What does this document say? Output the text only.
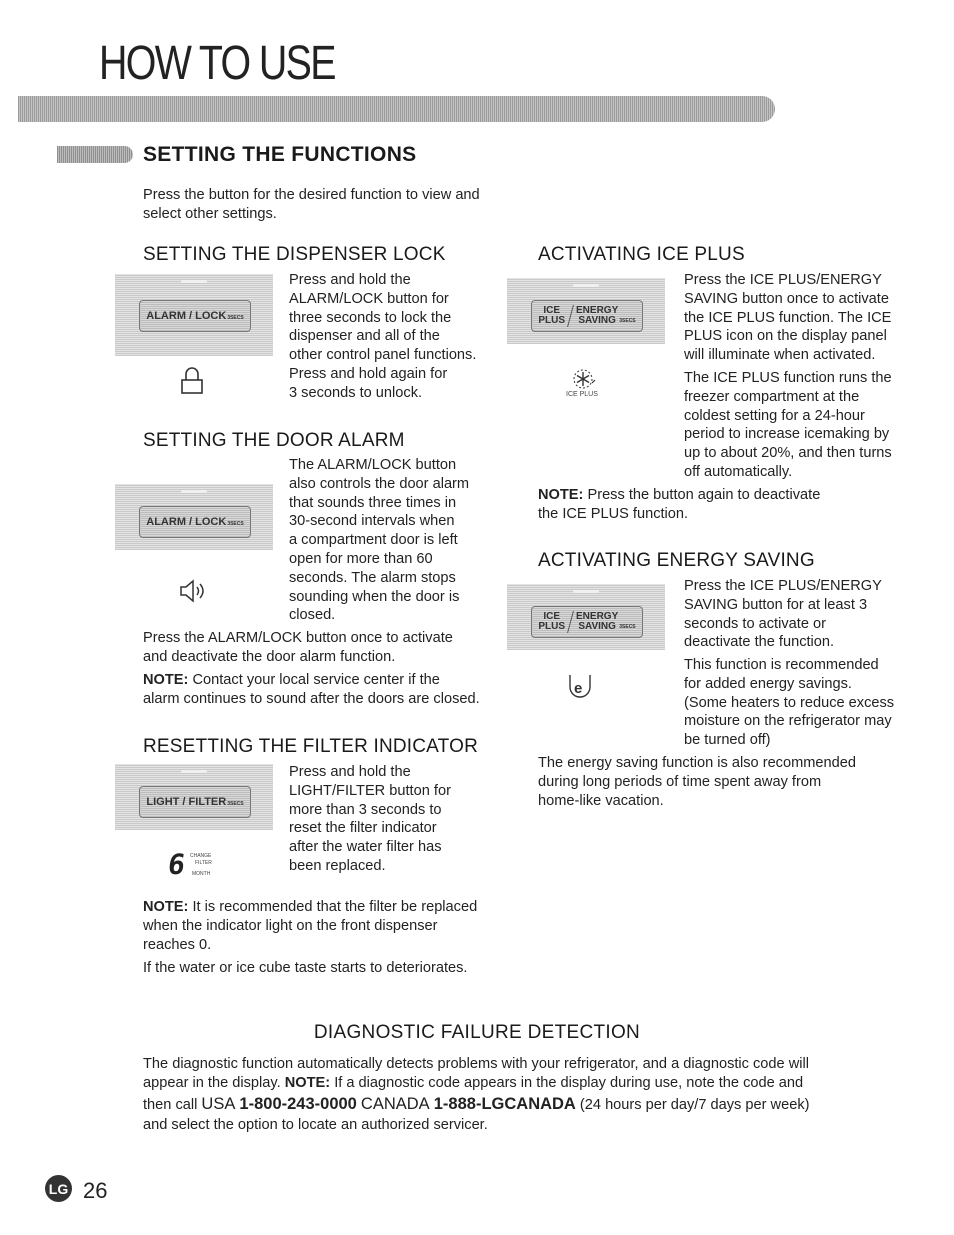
HOW TO USE
SETTING THE FUNCTIONS
Press the button for the desired function to view and
select other settings.
SETTING THE DISPENSER LOCK
ALARM / LOCK 3SECS
Press and hold the
ALARM/LOCK button for
three seconds to lock the
dispenser and all of the
other control panel functions.
Press and hold again for
3 seconds to unlock.
SETTING THE DOOR ALARM
ALARM / LOCK 3SECS
The ALARM/LOCK button
also controls the door alarm
that sounds three times in
30-second intervals when
a compartment door is left
open for more than 60
seconds. The alarm stops
sounding when the door is
closed.
Press the ALARM/LOCK button once to activate
and deactivate the door alarm function.
NOTE: Contact your local service center if the
alarm continues to sound after the doors are closed.
RESETTING THE FILTER INDICATOR
LIGHT / FILTER 3SECS
6 CHANGE
FILTER
MONTH
Press and hold the
LIGHT/FILTER button for
more than 3 seconds to
reset the filter indicator
after the water filter has
been replaced.
NOTE: It is recommended that the filter be replaced
when the indicator light on the front dispenser
reaches 0.
If the water or ice cube taste starts to deteriorates.
ACTIVATING ICE PLUS
ICE
PLUS
ENERGY
SAVING 3SECS
ICE PLUS
Press the ICE PLUS/ENERGY
SAVING button once to activate
the ICE PLUS function. The ICE
PLUS icon on the display panel
will illuminate when activated.
The ICE PLUS function runs the
freezer compartment at the
coldest setting for a 24-hour
period to increase icemaking by
up to about 20%, and then turns
off automatically.
NOTE: Press the button again to deactivate
the ICE PLUS function.
ACTIVATING ENERGY SAVING
ICE
PLUS
ENERGY
SAVING 3SECS
e
Press the ICE PLUS/ENERGY
SAVING button for at least 3
seconds to activate or
deactivate the function.
This function is recommended
for added energy savings.
(Some heaters to reduce excess
moisture on the refrigerator may
be turned off)
The energy saving function is also recommended
during long periods of time spent away from
home-like vacation.
DIAGNOSTIC FAILURE DETECTION
The diagnostic function automatically detects problems with your refrigerator, and a diagnostic code will
appear in the display. NOTE: If a diagnostic code appears in the display during use, note the code and
then call USA 1-800-243-0000 CANADA 1-888-LGCANADA (24 hours per day/7 days per week)
and select the option to locate an authorized servicer.
LG 26
